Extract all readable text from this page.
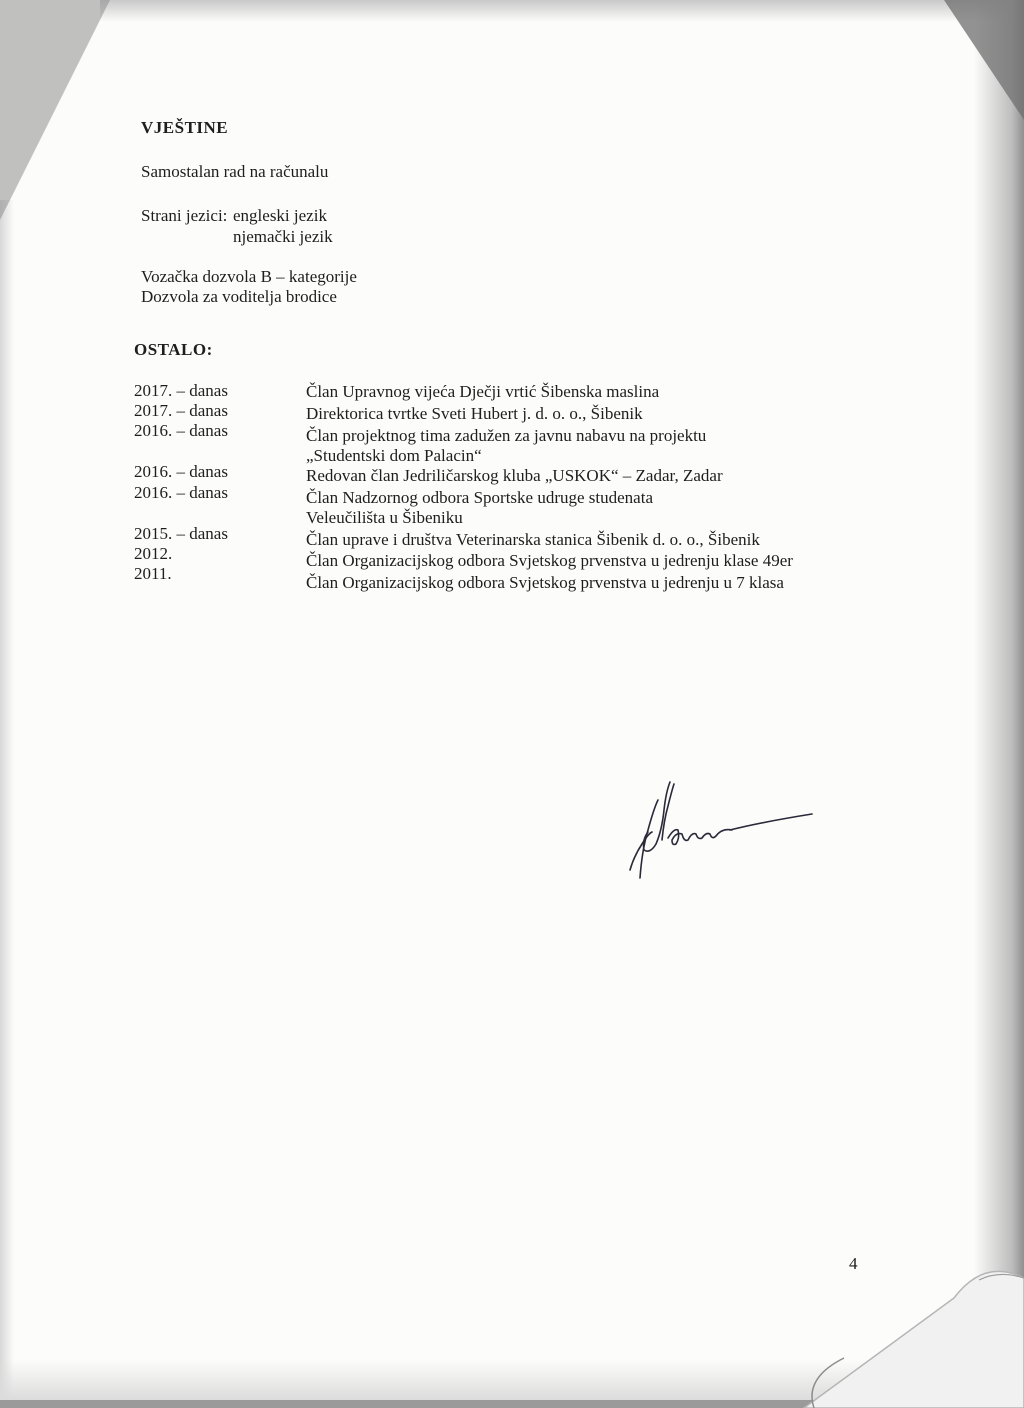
VJEŠTINE

Samostalan rad na računalu

Strani jezici: engleski jezik

njemački jezik

Vozačka dozvola B – kategorije

Dozvola za voditelja brodice

OSTALO:
2017. – danas	Član Upravnog vijeća Dječji vrtić Šibenska maslina
2017. – danas	Direktorica tvrtke Sveti Hubert j. d. o. o., Šibenik
2016. – danas	Član projektnog tima zadužen za javnu nabavu na projektu
„Studentski dom Palacin“
2016. – danas	Redovan član Jedriličarskog kluba „USKOK“ – Zadar, Zadar
2016. – danas	Član Nadzornog odbora Sportske udruge studenata
Veleučilišta u Šibeniku
2015. – danas	Član uprave i društva Veterinarska stanica Šibenik d. o. o., Šibenik
2012.	Član Organizacijskog odbora Svjetskog prvenstva u jedrenju klase 49er
2011.	Član Organizacijskog odbora Svjetskog prvenstva u jedrenju u 7 klasa
4
